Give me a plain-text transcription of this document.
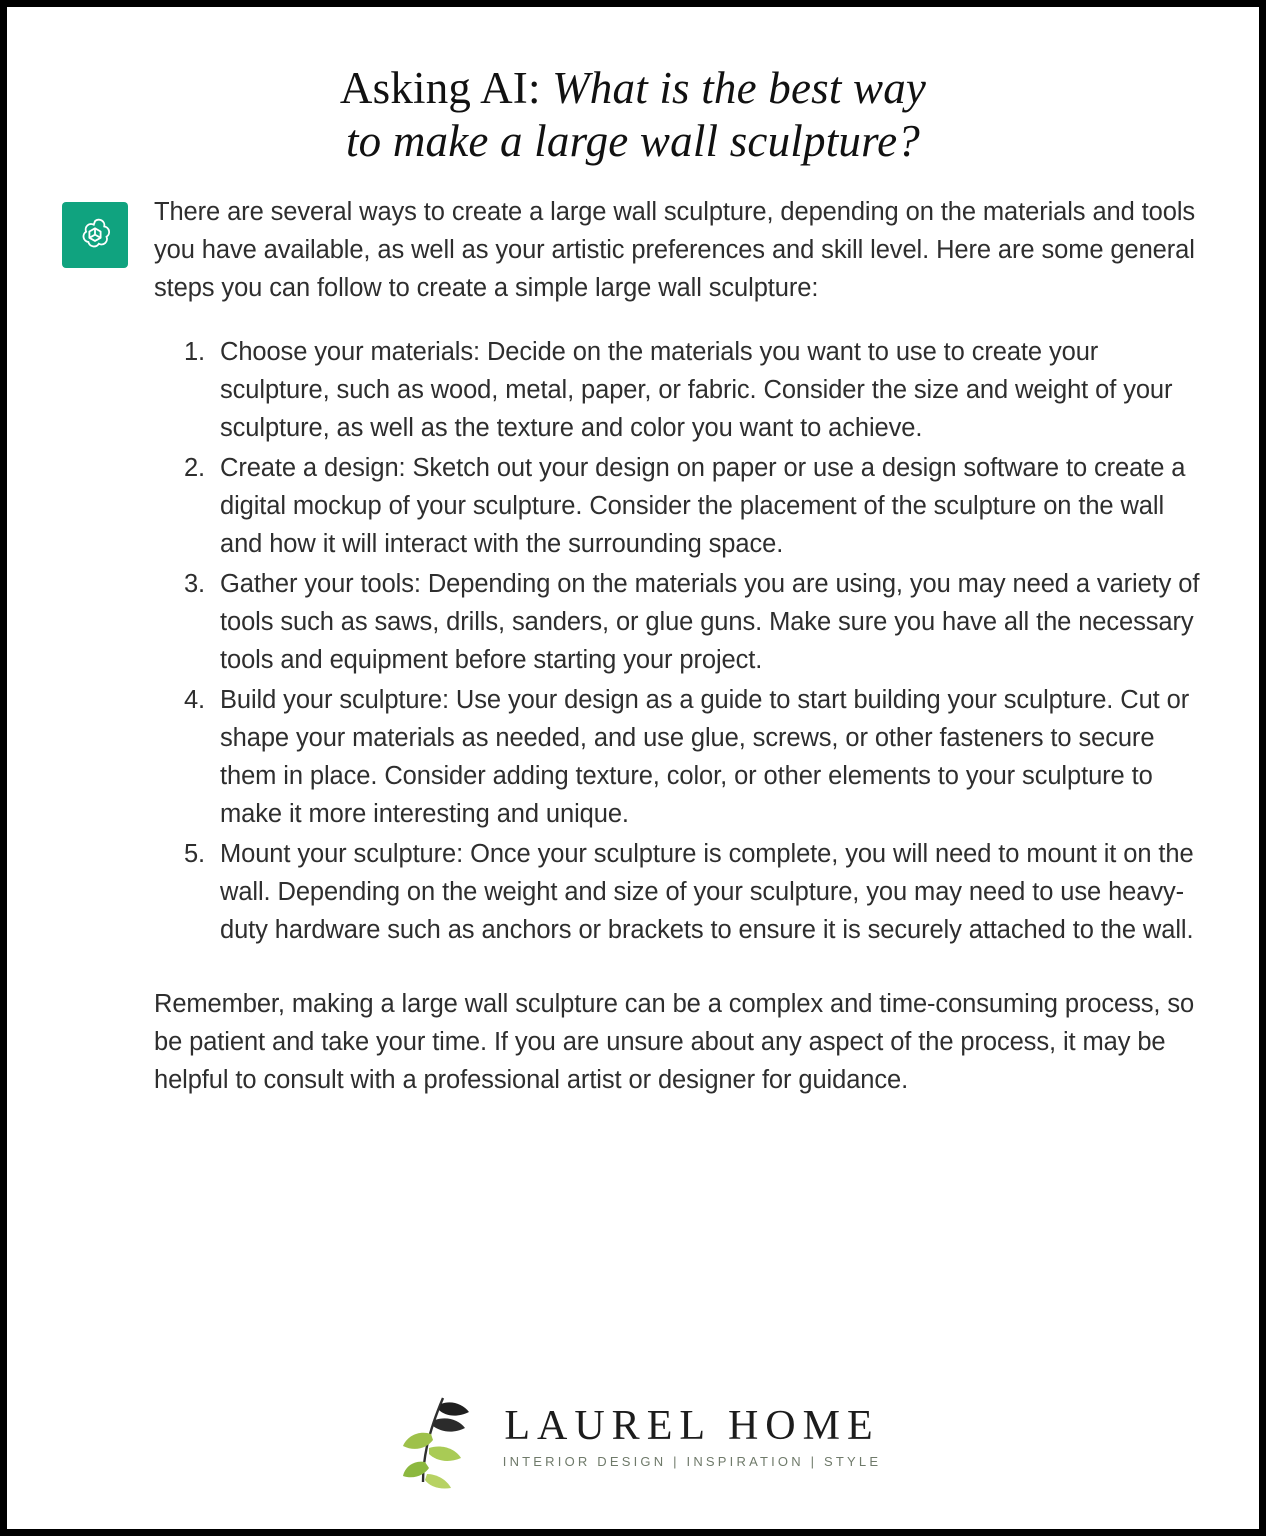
Asking AI: What is the best way
to make a large wall sculpture?

There are several ways to create a large wall sculpture, depending on the materials and tools you have available, as well as your artistic preferences and skill level. Here are some general steps you can follow to create a simple large wall sculpture:

1. Choose your materials: Decide on the materials you want to use to create your sculpture, such as wood, metal, paper, or fabric. Consider the size and weight of your sculpture, as well as the texture and color you want to achieve.
2. Create a design: Sketch out your design on paper or use a design software to create a digital mockup of your sculpture. Consider the placement of the sculpture on the wall and how it will interact with the surrounding space.
3. Gather your tools: Depending on the materials you are using, you may need a variety of tools such as saws, drills, sanders, or glue guns. Make sure you have all the necessary tools and equipment before starting your project.
4. Build your sculpture: Use your design as a guide to start building your sculpture. Cut or shape your materials as needed, and use glue, screws, or other fasteners to secure them in place. Consider adding texture, color, or other elements to your sculpture to make it more interesting and unique.
5. Mount your sculpture: Once your sculpture is complete, you will need to mount it on the wall. Depending on the weight and size of your sculpture, you may need to use heavy-duty hardware such as anchors or brackets to ensure it is securely attached to the wall.

Remember, making a large wall sculpture can be a complex and time-consuming process, so be patient and take your time. If you are unsure about any aspect of the process, it may be helpful to consult with a professional artist or designer for guidance.

LAUREL HOME
INTERIOR DESIGN | INSPIRATION | STYLE
